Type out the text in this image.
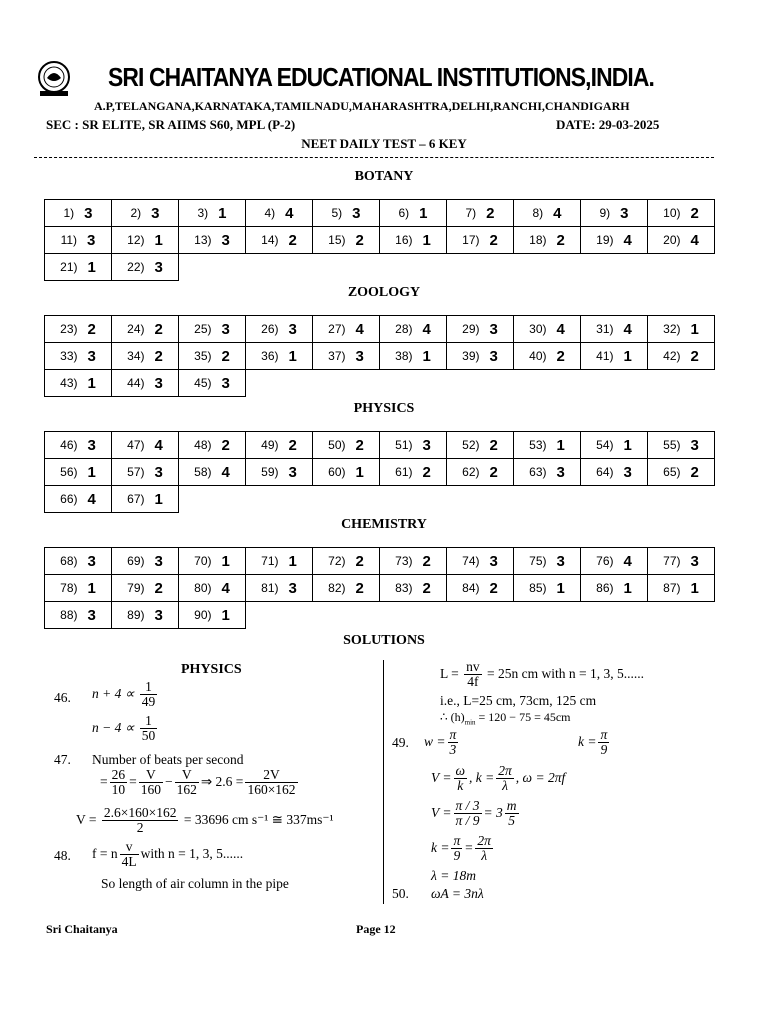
SRI CHAITANYA EDUCATIONAL INSTITUTIONS,INDIA.
A.P,TELANGANA,KARNATAKA,TAMILNADU,MAHARASHTRA,DELHI,RANCHI,CHANDIGARH
SEC : SR ELITE, SR AIIMS S60, MPL (P-2)	DATE: 29-03-2025
NEET DAILY TEST – 6 KEY
BOTANY
1) 3	2) 3	3) 1	4) 4	5) 3	6) 1	7) 2	8) 4	9) 3	10) 2

11) 3	12) 1	13) 3	14) 2	15) 2	16) 1	17) 2	18) 2	19) 4	20) 4

21) 1	22) 3								

ZOOLOGY
23) 2	24) 2	25) 3	26) 3	27) 4	28) 4	29) 3	30) 4	31) 4	32) 1

33) 3	34) 2	35) 2	36) 1	37) 3	38) 1	39) 3	40) 2	41) 1	42) 2

43) 1	44) 3	45) 3							

PHYSICS
46) 3	47) 4	48) 2	49) 2	50) 2	51) 3	52) 2	53) 1	54) 1	55) 3

56) 1	57) 3	58) 4	59) 3	60) 1	61) 2	62) 2	63) 3	64) 3	65) 2

66) 4	67) 1								

CHEMISTRY
68) 3	69) 3	70) 1	71) 1	72) 2	73) 2	74) 3	75) 3	76) 4	77) 3

78) 1	79) 2	80) 4	81) 3	82) 2	83) 2	84) 2	85) 1	86) 1	87) 1

88) 3	89) 3	90) 1							

SOLUTIONS
PHYSICS
46. $n + 4 \propto \frac{1}{49}$
$n - 4 \propto \frac{1}{50}$
47. Number of beats per second
= $\frac{26}{10} = \frac{V}{160} - \frac{V}{162}$ ⇒ $2.6 = \frac{2V}{160\times 162}$
$V = \frac{2.6\times 160\times 162}{2} = 33696$ cm s⁻¹ ≅ 337ms⁻¹
48. f = n $\frac{v}{4L}$ with n = 1, 3, 5......
So length of air column in the pipe
$L = \frac{nv}{4f} = 25n$ cm with n = 1, 3, 5......
i.e., L=25 cm, 73cm, 125 cm
∴ $(h)_{min} = 120 - 75 = 45cm$
49. $w = \frac{\pi}{3}$	$k = \frac{\pi}{9}$
$V = \frac{\omega}{k}$ , $k = \frac{2\pi}{\lambda}$ , ω = 2πf
$V = \frac{\pi / 3}{\pi / 9} = 3 \frac{m}{5}$
$k = \frac{\pi}{9} = \frac{2\pi}{\lambda}$
λ = 18m
50. ωA = 3nλ
Sri Chaitanya	Page 12
